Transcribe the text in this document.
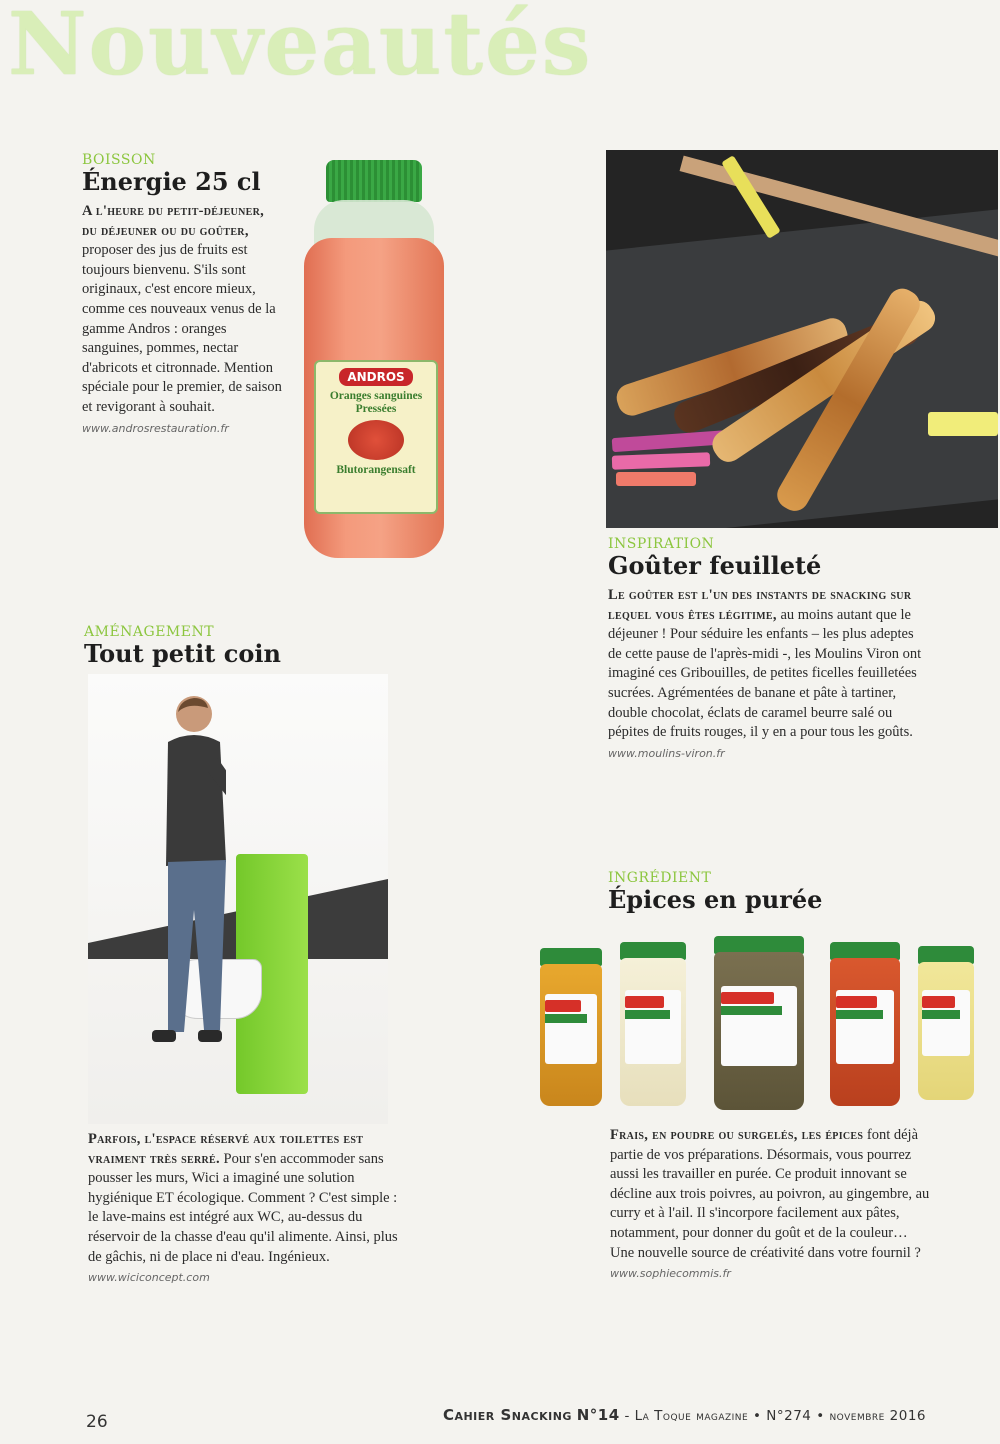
Nouveautés
BOISSON
Énergie 25 cl
A l'heure du petit-déjeuner, du déjeuner ou du goûter, proposer des jus de fruits est toujours bienvenu. S'ils sont originaux, c'est encore mieux, comme ces nouveaux venus de la gamme Andros : oranges sanguines, pommes, nectar d'abricots et citronnade. Mention spéciale pour le premier, de saison et revigorant à souhait.
www.androsrestauration.fr
ANDROS
Oranges sanguines Pressées
Blutorangensaft
INSPIRATION
Goûter feuilleté
Le goûter est l'un des instants de snacking sur lequel vous êtes légitime, au moins autant que le déjeuner ! Pour séduire les enfants – les plus adeptes de cette pause de l'après-midi -, les Moulins Viron ont imaginé ces Gribouilles, de petites ficelles feuilletées sucrées. Agrémentées de banane et pâte à tartiner, double chocolat, éclats de caramel beurre salé ou pépites de fruits rouges, il y en a pour tous les goûts.
www.moulins-viron.fr
AMÉNAGEMENT
Tout petit coin
Parfois, l'espace réservé aux toilettes est vraiment très serré. Pour s'en accommoder sans pousser les murs, Wici a imaginé une solution hygiénique ET écologique. Comment ? C'est simple : le lave-mains est intégré aux WC, au-dessus du réservoir de la chasse d'eau qu'il alimente. Ainsi, plus de gâchis, ni de place ni d'eau. Ingénieux.
www.wiciconcept.com
INGRÉDIENT
Épices en purée
Frais, en poudre ou surgelés, les épices font déjà partie de vos préparations. Désormais, vous pourrez aussi les travailler en purée. Ce produit innovant se décline aux trois poivres, au poivron, au gingembre, au curry et à l'ail. Il s'incorpore facilement aux pâtes, notamment, pour donner du goût et de la couleur… Une nouvelle source de créativité dans votre fournil ?
www.sophiecommis.fr
26	Cahier Snacking N°14 - La Toque magazine • N°274 • novembre 2016
